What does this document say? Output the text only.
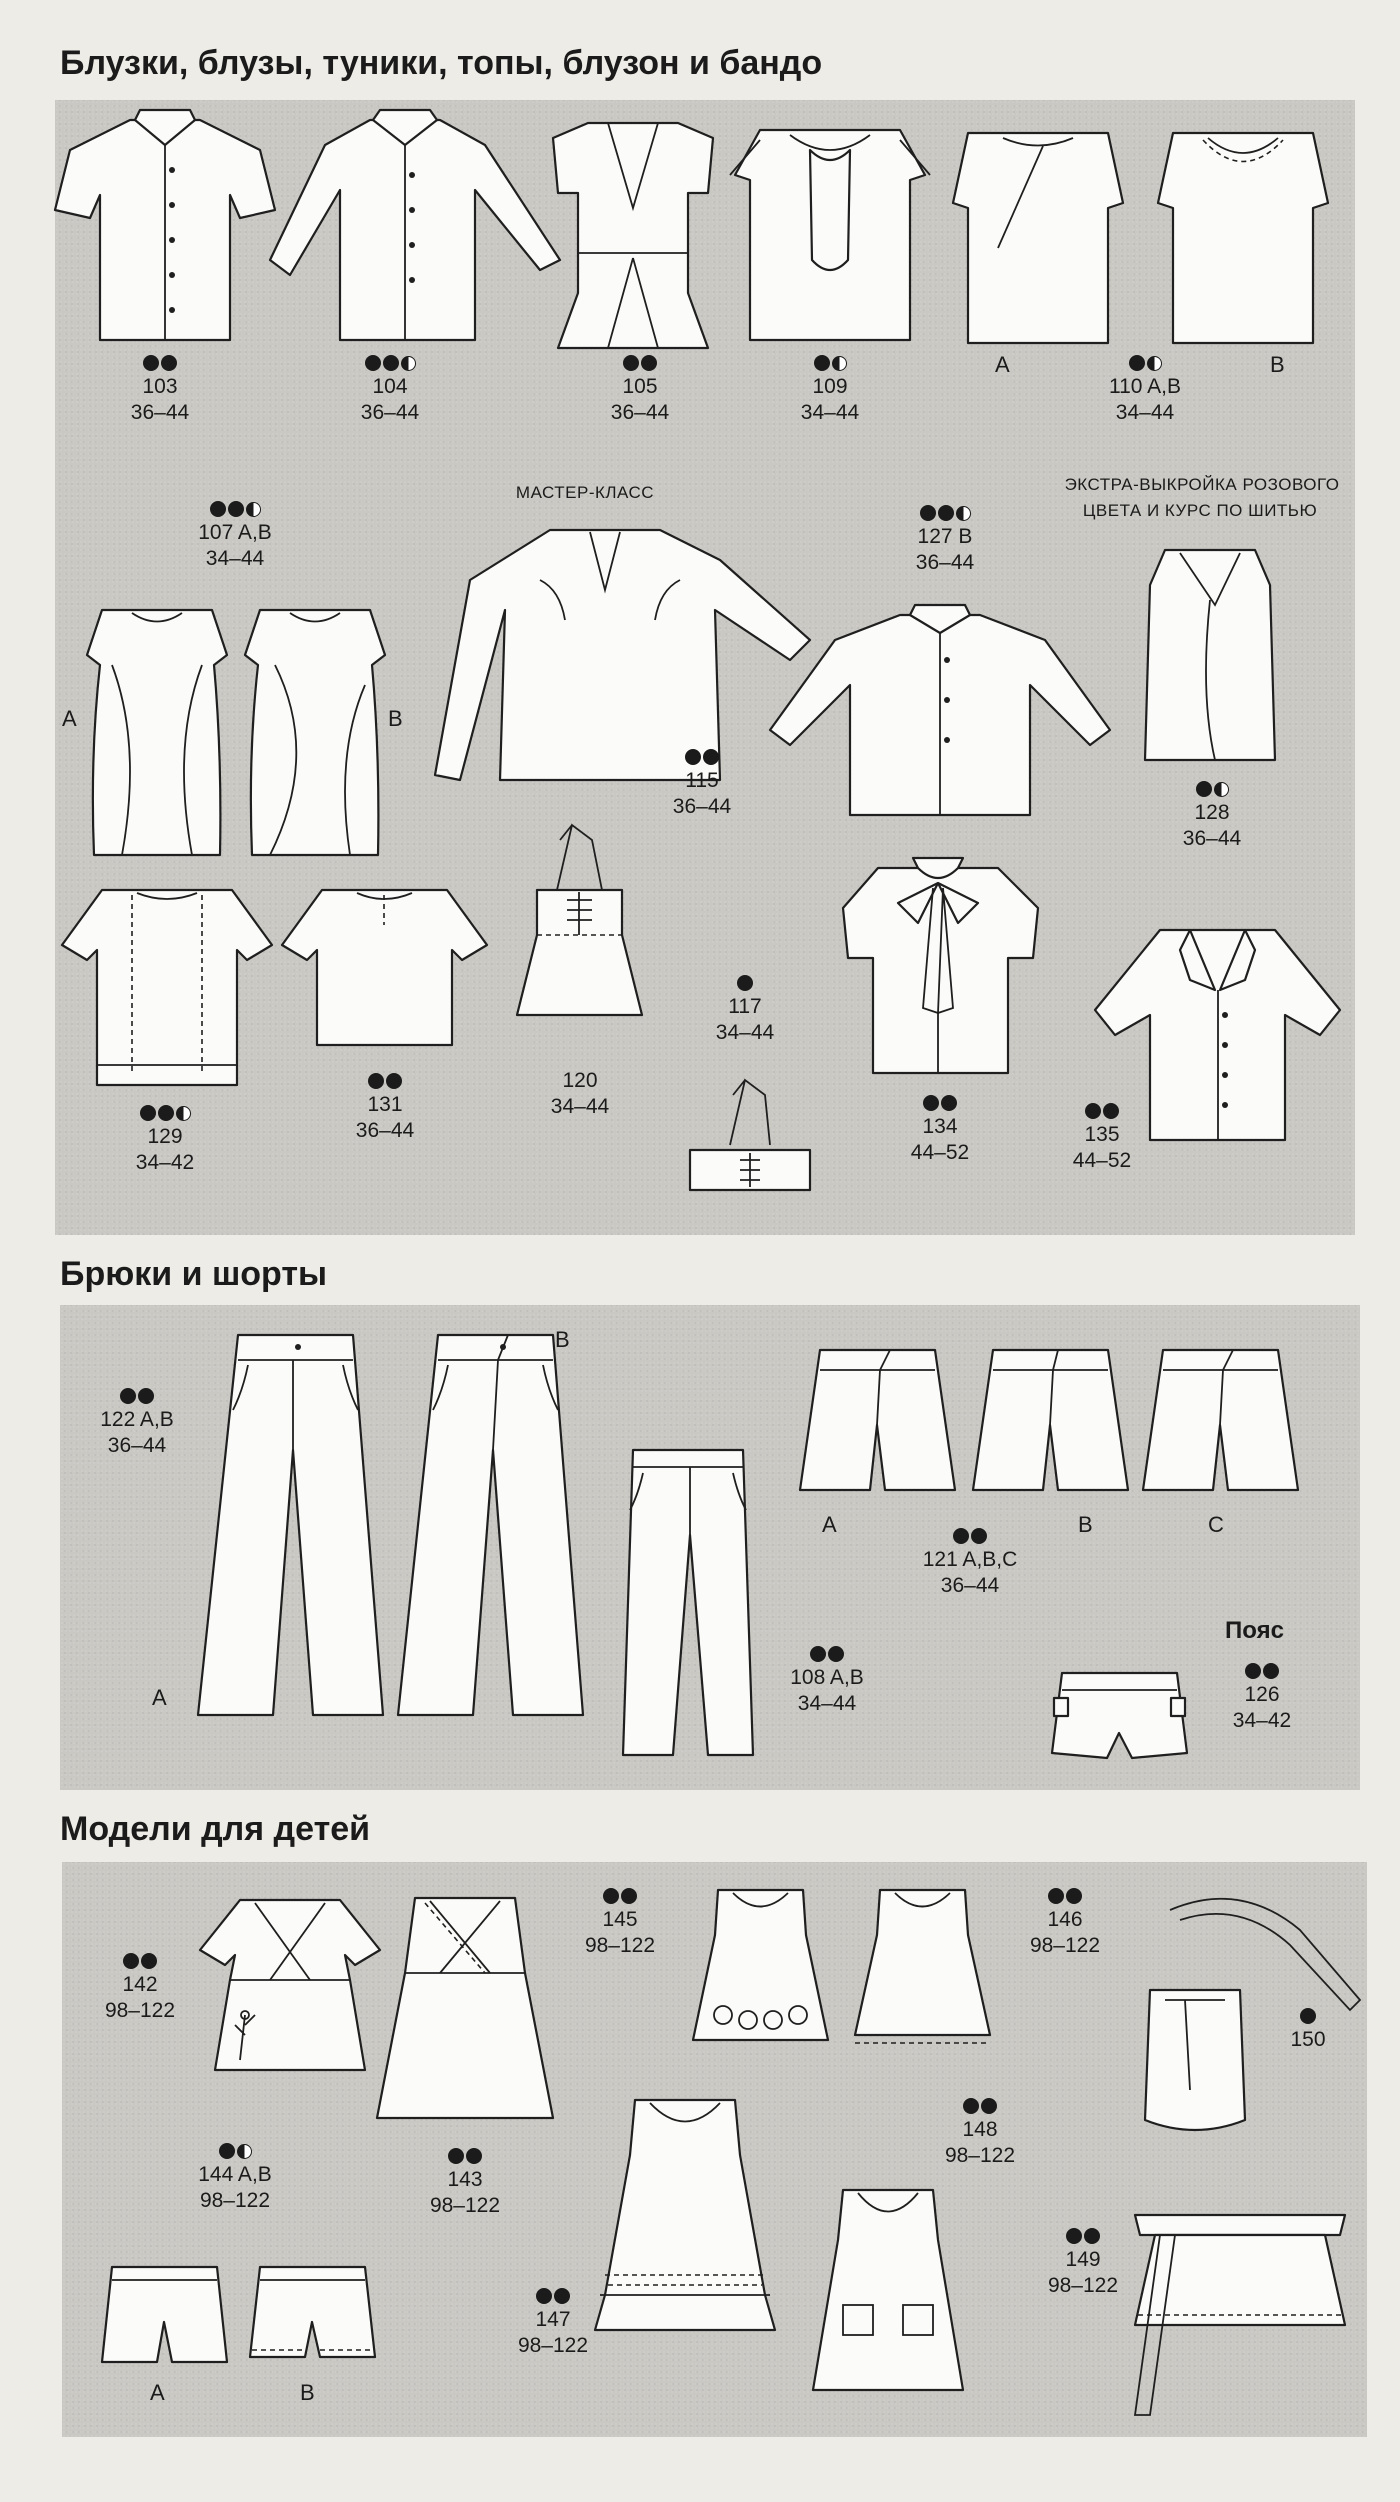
Блузки, блузы, туники, топы, блузон и бандо
103
36–44
104
36–44
105
36–44
109
34–44
A	B
110 A,B
34–44
107 A,B
34–44
A	B
МАСТЕР-КЛАСС
115
36–44
127 B
36–44
ЭКСТРА-ВЫКРОЙКА РОЗОВОГО
ЦВЕТА И КУРС ПО ШИТЬЮ
128
36–44
129
34–42
131
36–44
120
34–44
117
34–44
134
44–52
135
44–52
Брюки и шорты
122 A,B
36–44
A
B
108 A,B
34–44
A	B	C
121 A,B,C
36–44
Пояс
126
34–42
Модели для детей
142
98–122
145
98–122
146
98–122
150
144 A,B
98–122
A	B
143
98–122
147
98–122
148
98–122
149
98–122
